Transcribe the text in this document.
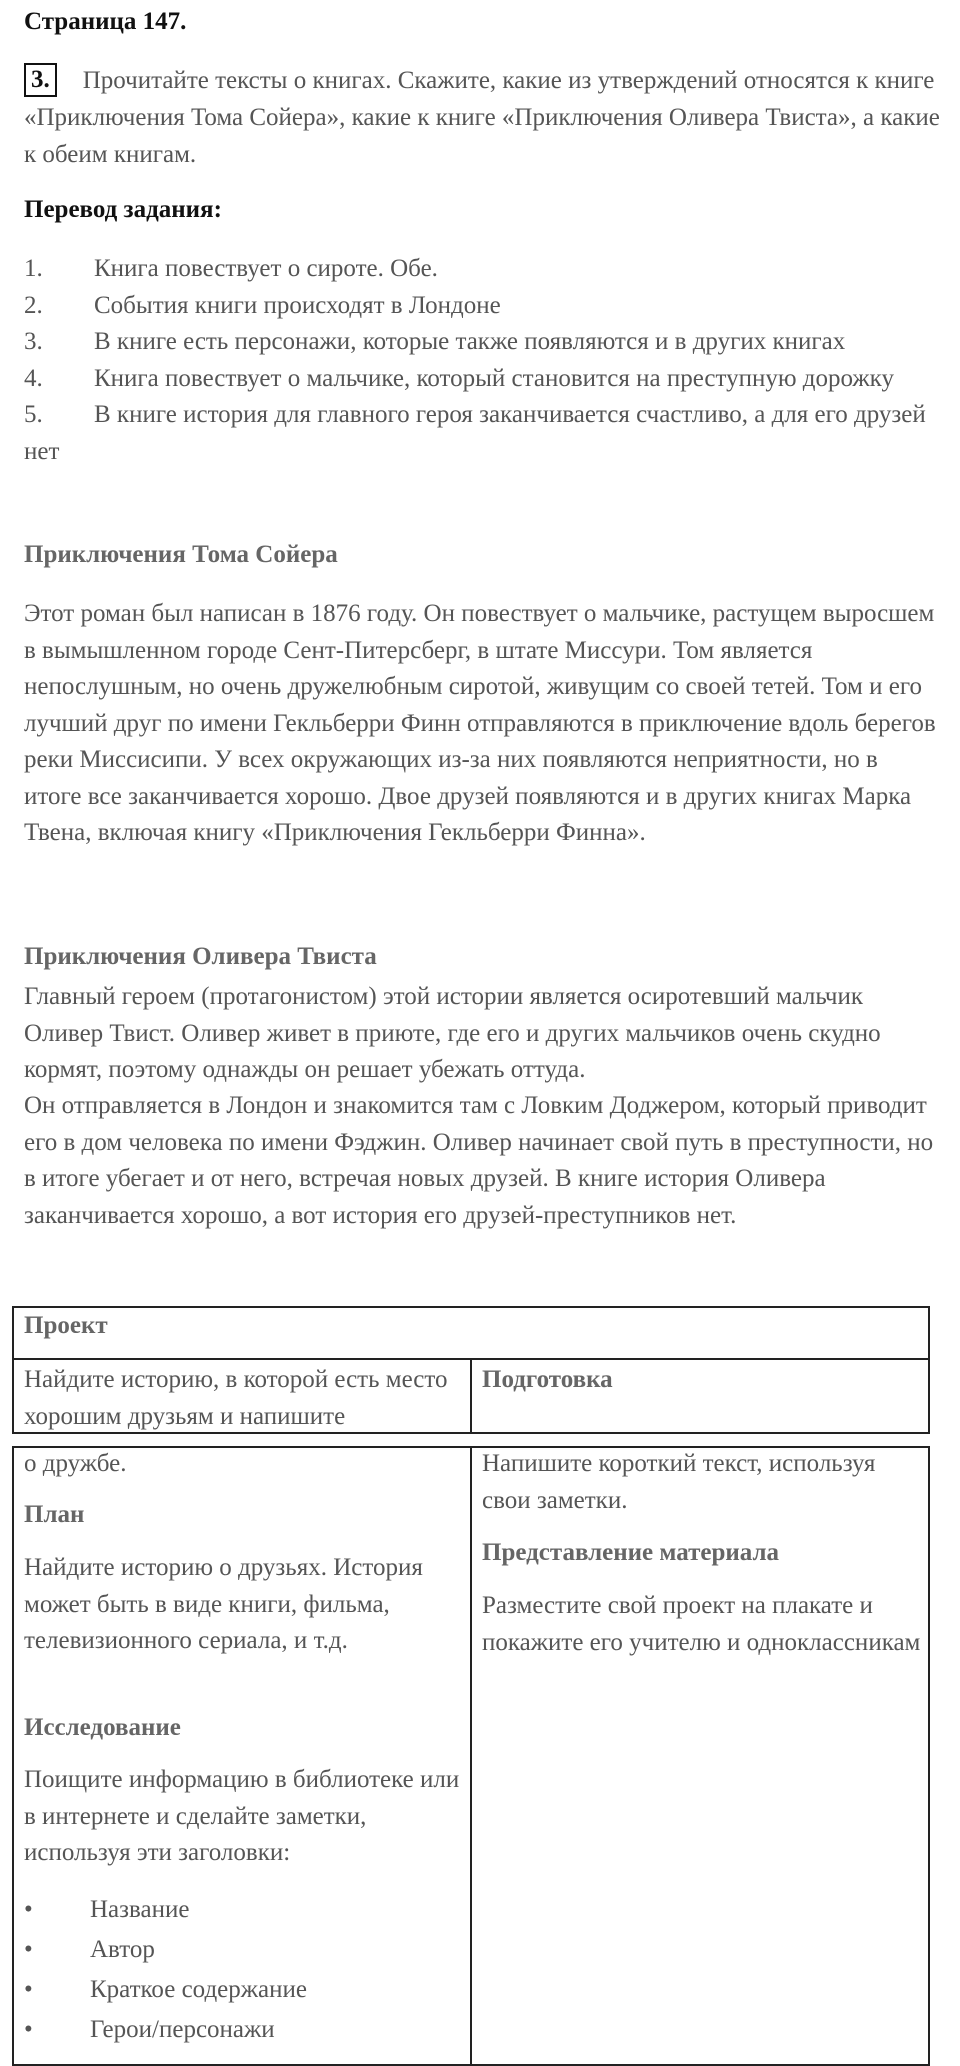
Страница 147.
3. Прочитайте тексты о книгах. Скажите, какие из утверждений относятся к книге «Приключения Тома Сойера», какие к книге «Приключения Оливера Твиста», а какие к обеим книгам.
Перевод задания:
1. Книга повествует о сироте. Обе.
2. События книги происходят в Лондоне
3. В книге есть персонажи, которые также появляются и в других книгах
4. Книга повествует о мальчике, который становится на преступную дорожку
5. В книге история для главного героя заканчивается счастливо, а для его друзей нет
Приключения Тома Сойера
Этот роман был написан в 1876 году. Он повествует о мальчике, растущем выросшем в вымышленном городе Сент-Питерсберг, в штате Миссури. Том является непослушным, но очень дружелюбным сиротой, живущим со своей тетей. Том и его лучший друг по имени Гекльберри Финн отправляются в приключение вдоль берегов реки Миссисипи. У всех окружающих из-за них появляются неприятности, но в итоге все заканчивается хорошо. Двое друзей появляются и в других книгах Марка Твена, включая книгу «Приключения Гекльберри Финна».
Приключения Оливера Твиста
Главный героем (протагонистом) этой истории является осиротевший мальчик Оливер Твист. Оливер живет в приюте, где его и других мальчиков очень скудно кормят, поэтому однажды он решает убежать оттуда.
Он отправляется в Лондон и знакомится там с Ловким Доджером, который приводит его в дом человека по имени Фэджин. Оливер начинает свой путь в преступности, но в итоге убегает и от него, встречая новых друзей. В книге история Оливера заканчивается хорошо, а вот история его друзей-преступников нет.
Проект
Найдите историю, в которой есть место хорошим друзьям и напишите
Подготовка
о дружбе.
План
Найдите историю о друзьях. История может быть в виде книги, фильма, телевизионного сериала, и т.д.
Исследование
Поищите информацию в библиотеке или в интернете и сделайте заметки, используя эти заголовки:
• Название
• Автор
• Краткое содержание
• Герои/персонажи
Напишите короткий текст, используя свои заметки.
Представление материала
Разместите свой проект на плакате и покажите его учителю и одноклассникам
